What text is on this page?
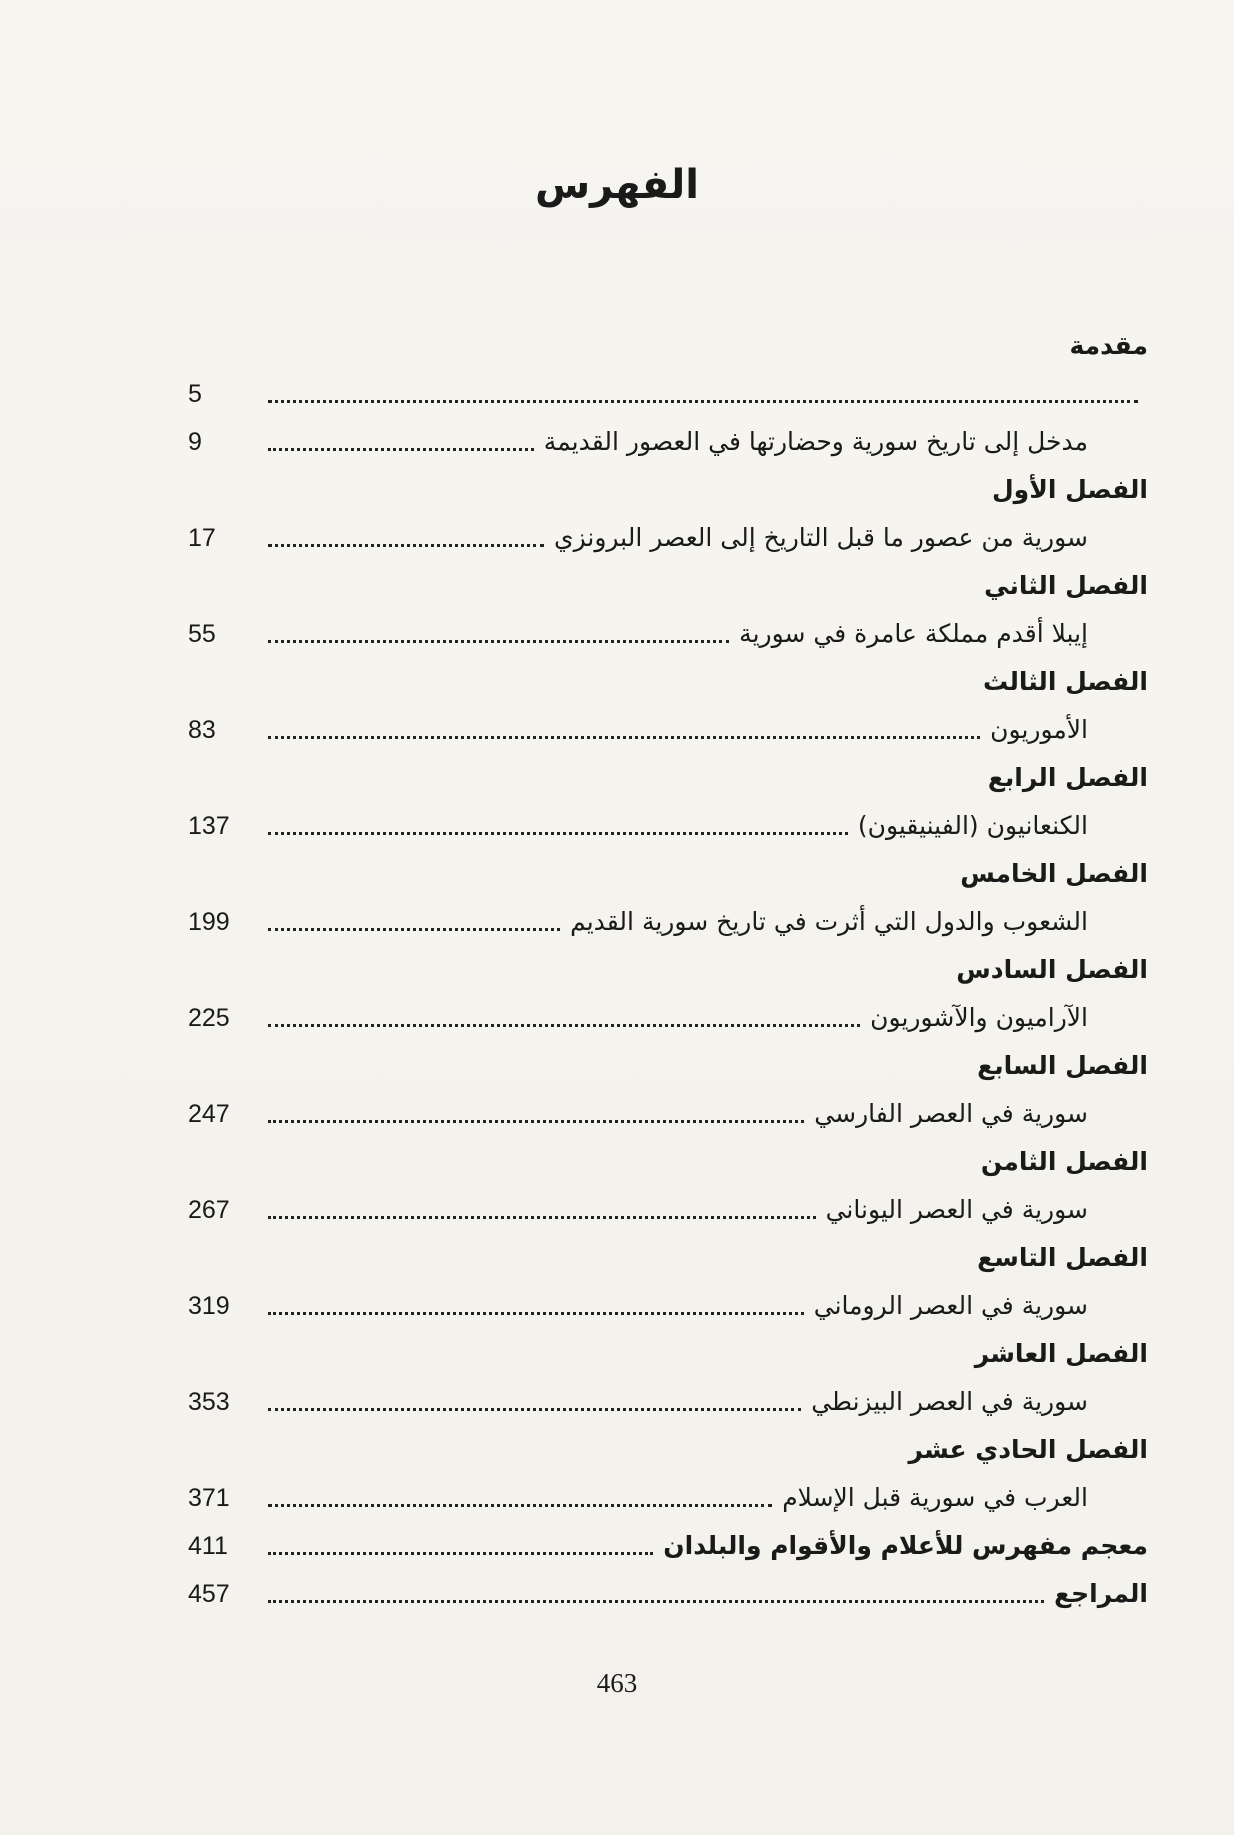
الفهرس
مقدمة
5
مدخل إلى تاريخ سورية وحضارتها في العصور القديمة
9
الفصل الأول
سورية من عصور ما قبل التاريخ إلى العصر البرونزي
17
الفصل الثاني
إيبلا أقدم مملكة عامرة في سورية
55
الفصل الثالث
الأموريون
83
الفصل الرابع
الكنعانيون (الفينيقيون)
137
الفصل الخامس
الشعوب والدول التي أثرت في تاريخ سورية القديم
199
الفصل السادس
الآراميون والآشوريون
225
الفصل السابع
سورية في العصر الفارسي
247
الفصل الثامن
سورية في العصر اليوناني
267
الفصل التاسع
سورية في العصر الروماني
319
الفصل العاشر
سورية في العصر البيزنطي
353
الفصل الحادي عشر
العرب في سورية قبل الإسلام
371
معجم مفهرس للأعلام والأقوام والبلدان
411
المراجع
457
463
